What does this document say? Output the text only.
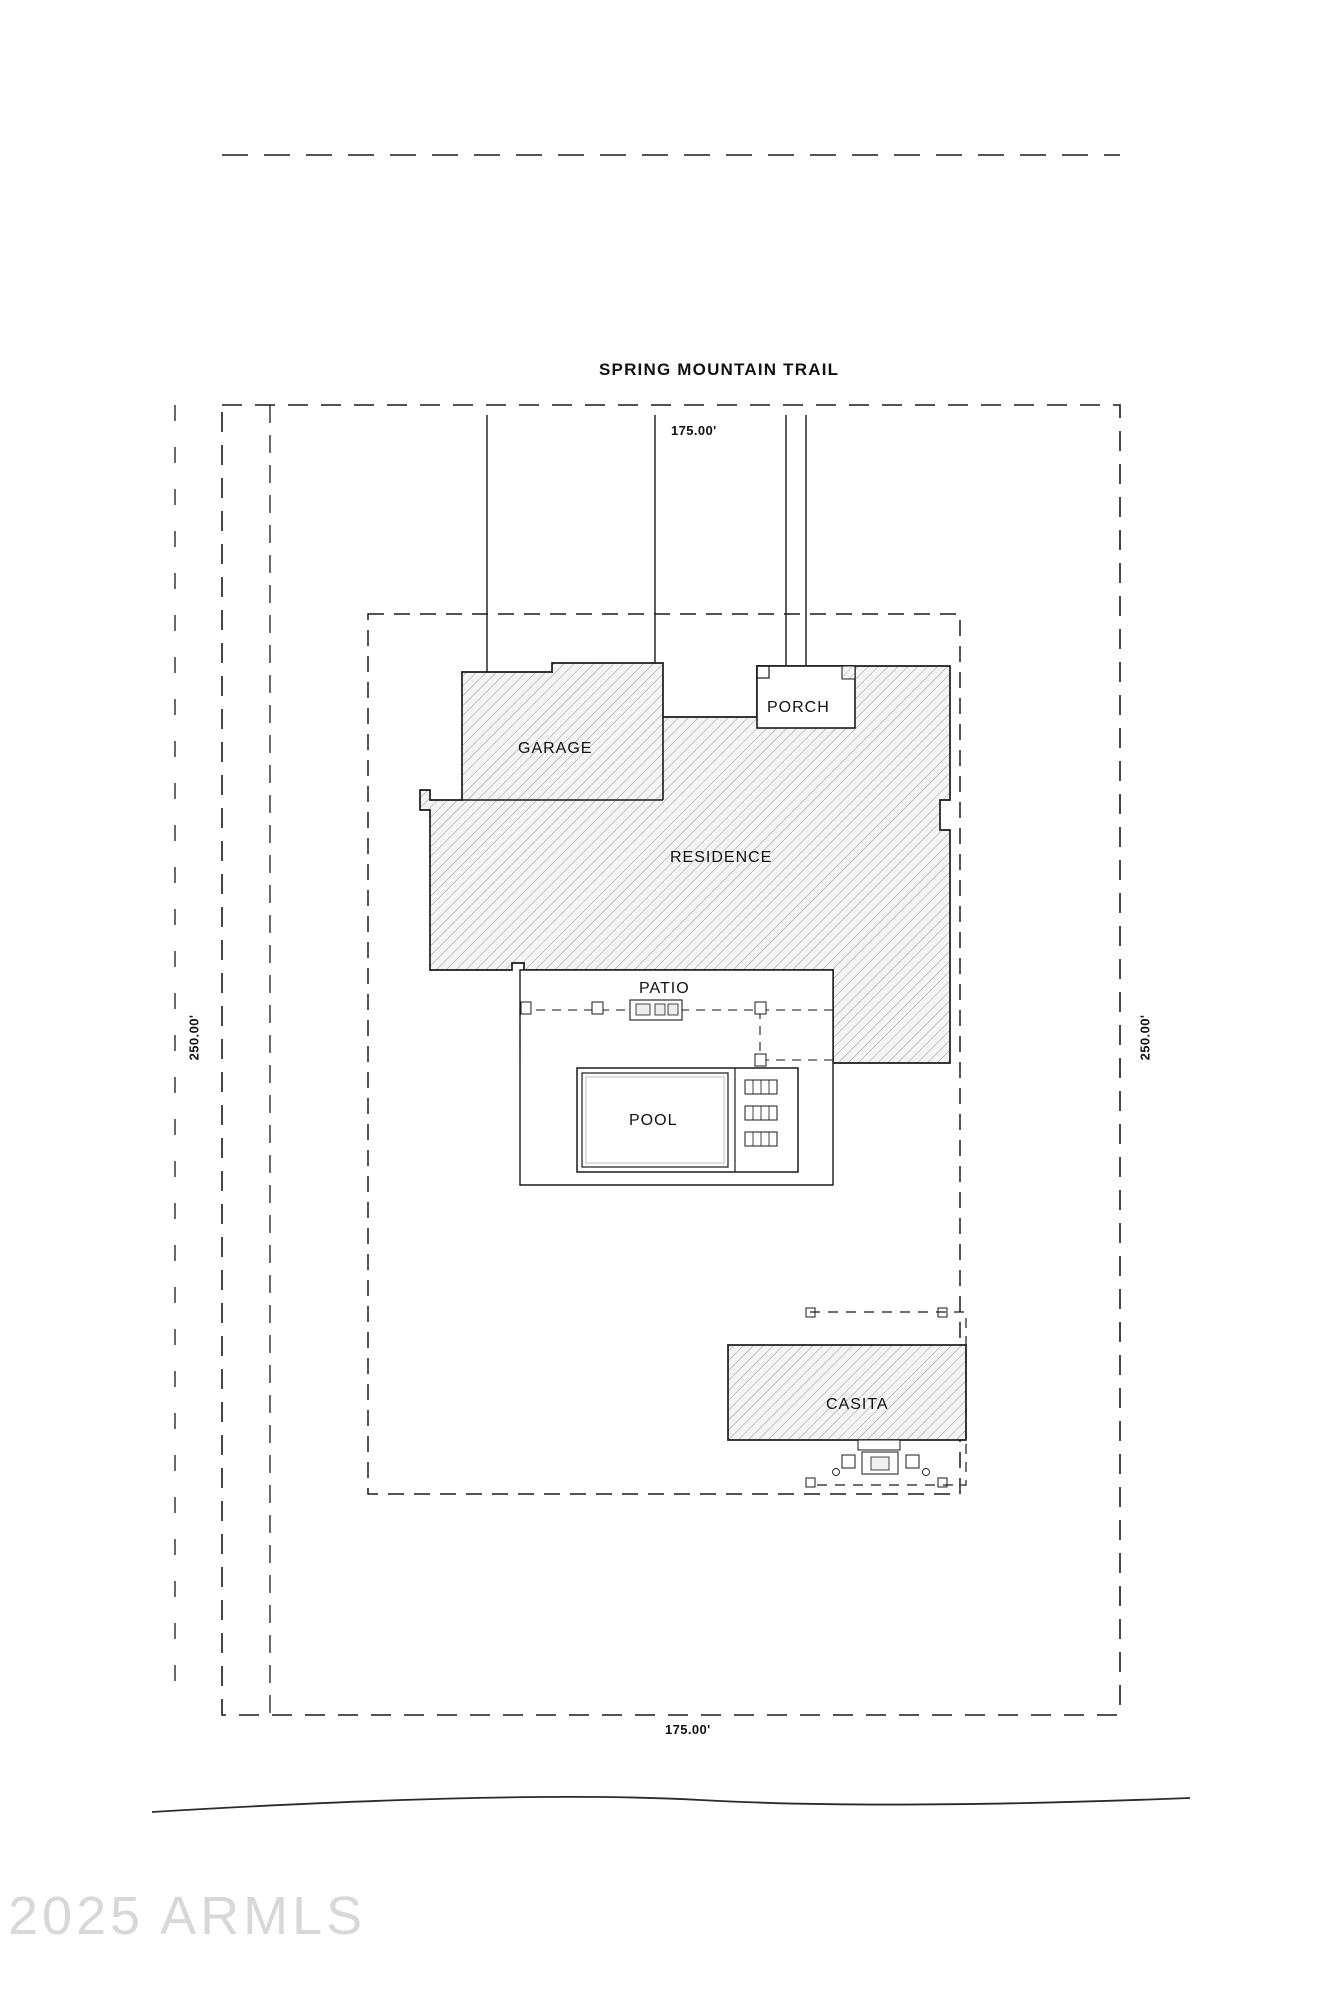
SPRING MOUNTAIN TRAIL
175.00'
175.00'
250.00'	250.00'
GARAGE
PORCH
RESIDENCE
PATIO
POOL
CASITA
2025 ARMLS
